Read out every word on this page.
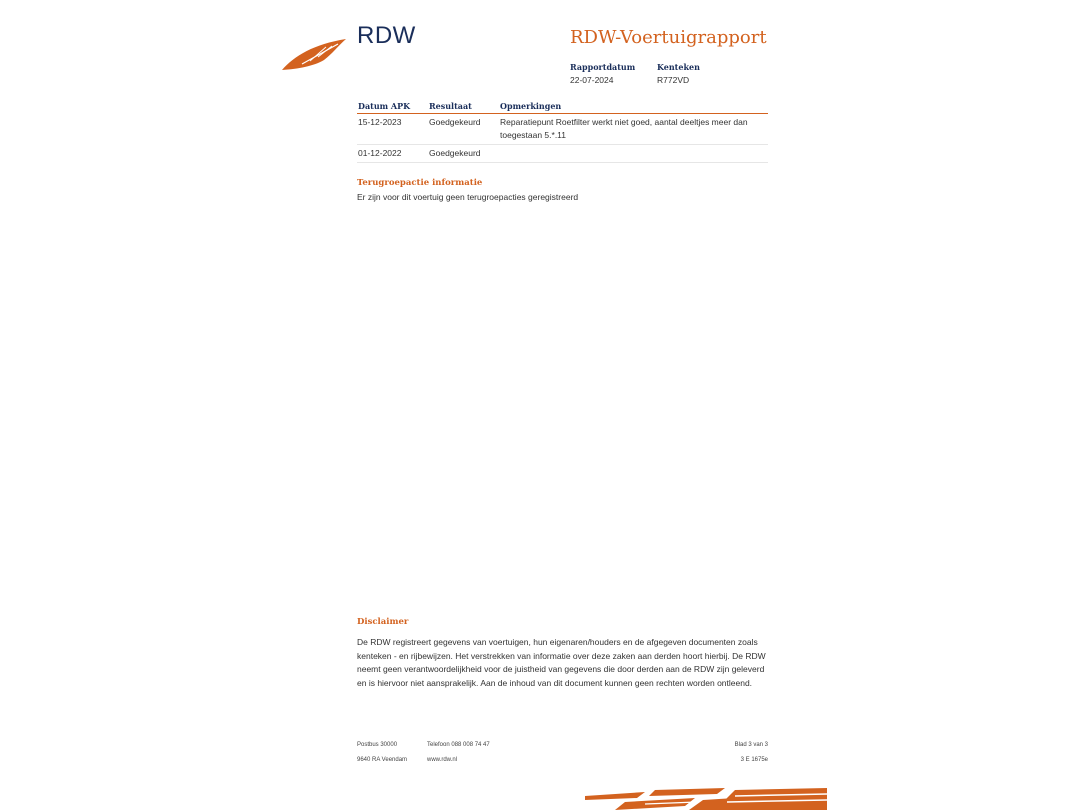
RDW	RDW-Voertuigrapport
Rapportdatum
22-07-2024
Kenteken
R772VD
Datum APK	Resultaat	Opmerkingen
15-12-2023	Goedgekeurd	Reparatiepunt Roetfilter werkt niet goed, aantal deeltjes meer dan toegestaan 5.*.11
01-12-2022	Goedgekeurd	
Terugroepactie informatie
Er zijn voor dit voertuig geen terugroepacties geregistreerd
Disclaimer
De RDW registreert gegevens van voertuigen, hun eigenaren/houders en de afgegeven documenten zoals kenteken - en rijbewijzen. Het verstrekken van informatie over deze zaken aan derden hoort hierbij. De RDW neemt geen verantwoordelijkheid voor de juistheid van gegevens die door derden aan de RDW zijn geleverd en is hiervoor niet aansprakelijk. Aan de inhoud van dit document kunnen geen rechten worden ontleend.
Postbus 30000
9640 RA Veendam
Telefoon 088 008 74 47
www.rdw.nl
Blad 3 van 3
3 E 1675e
